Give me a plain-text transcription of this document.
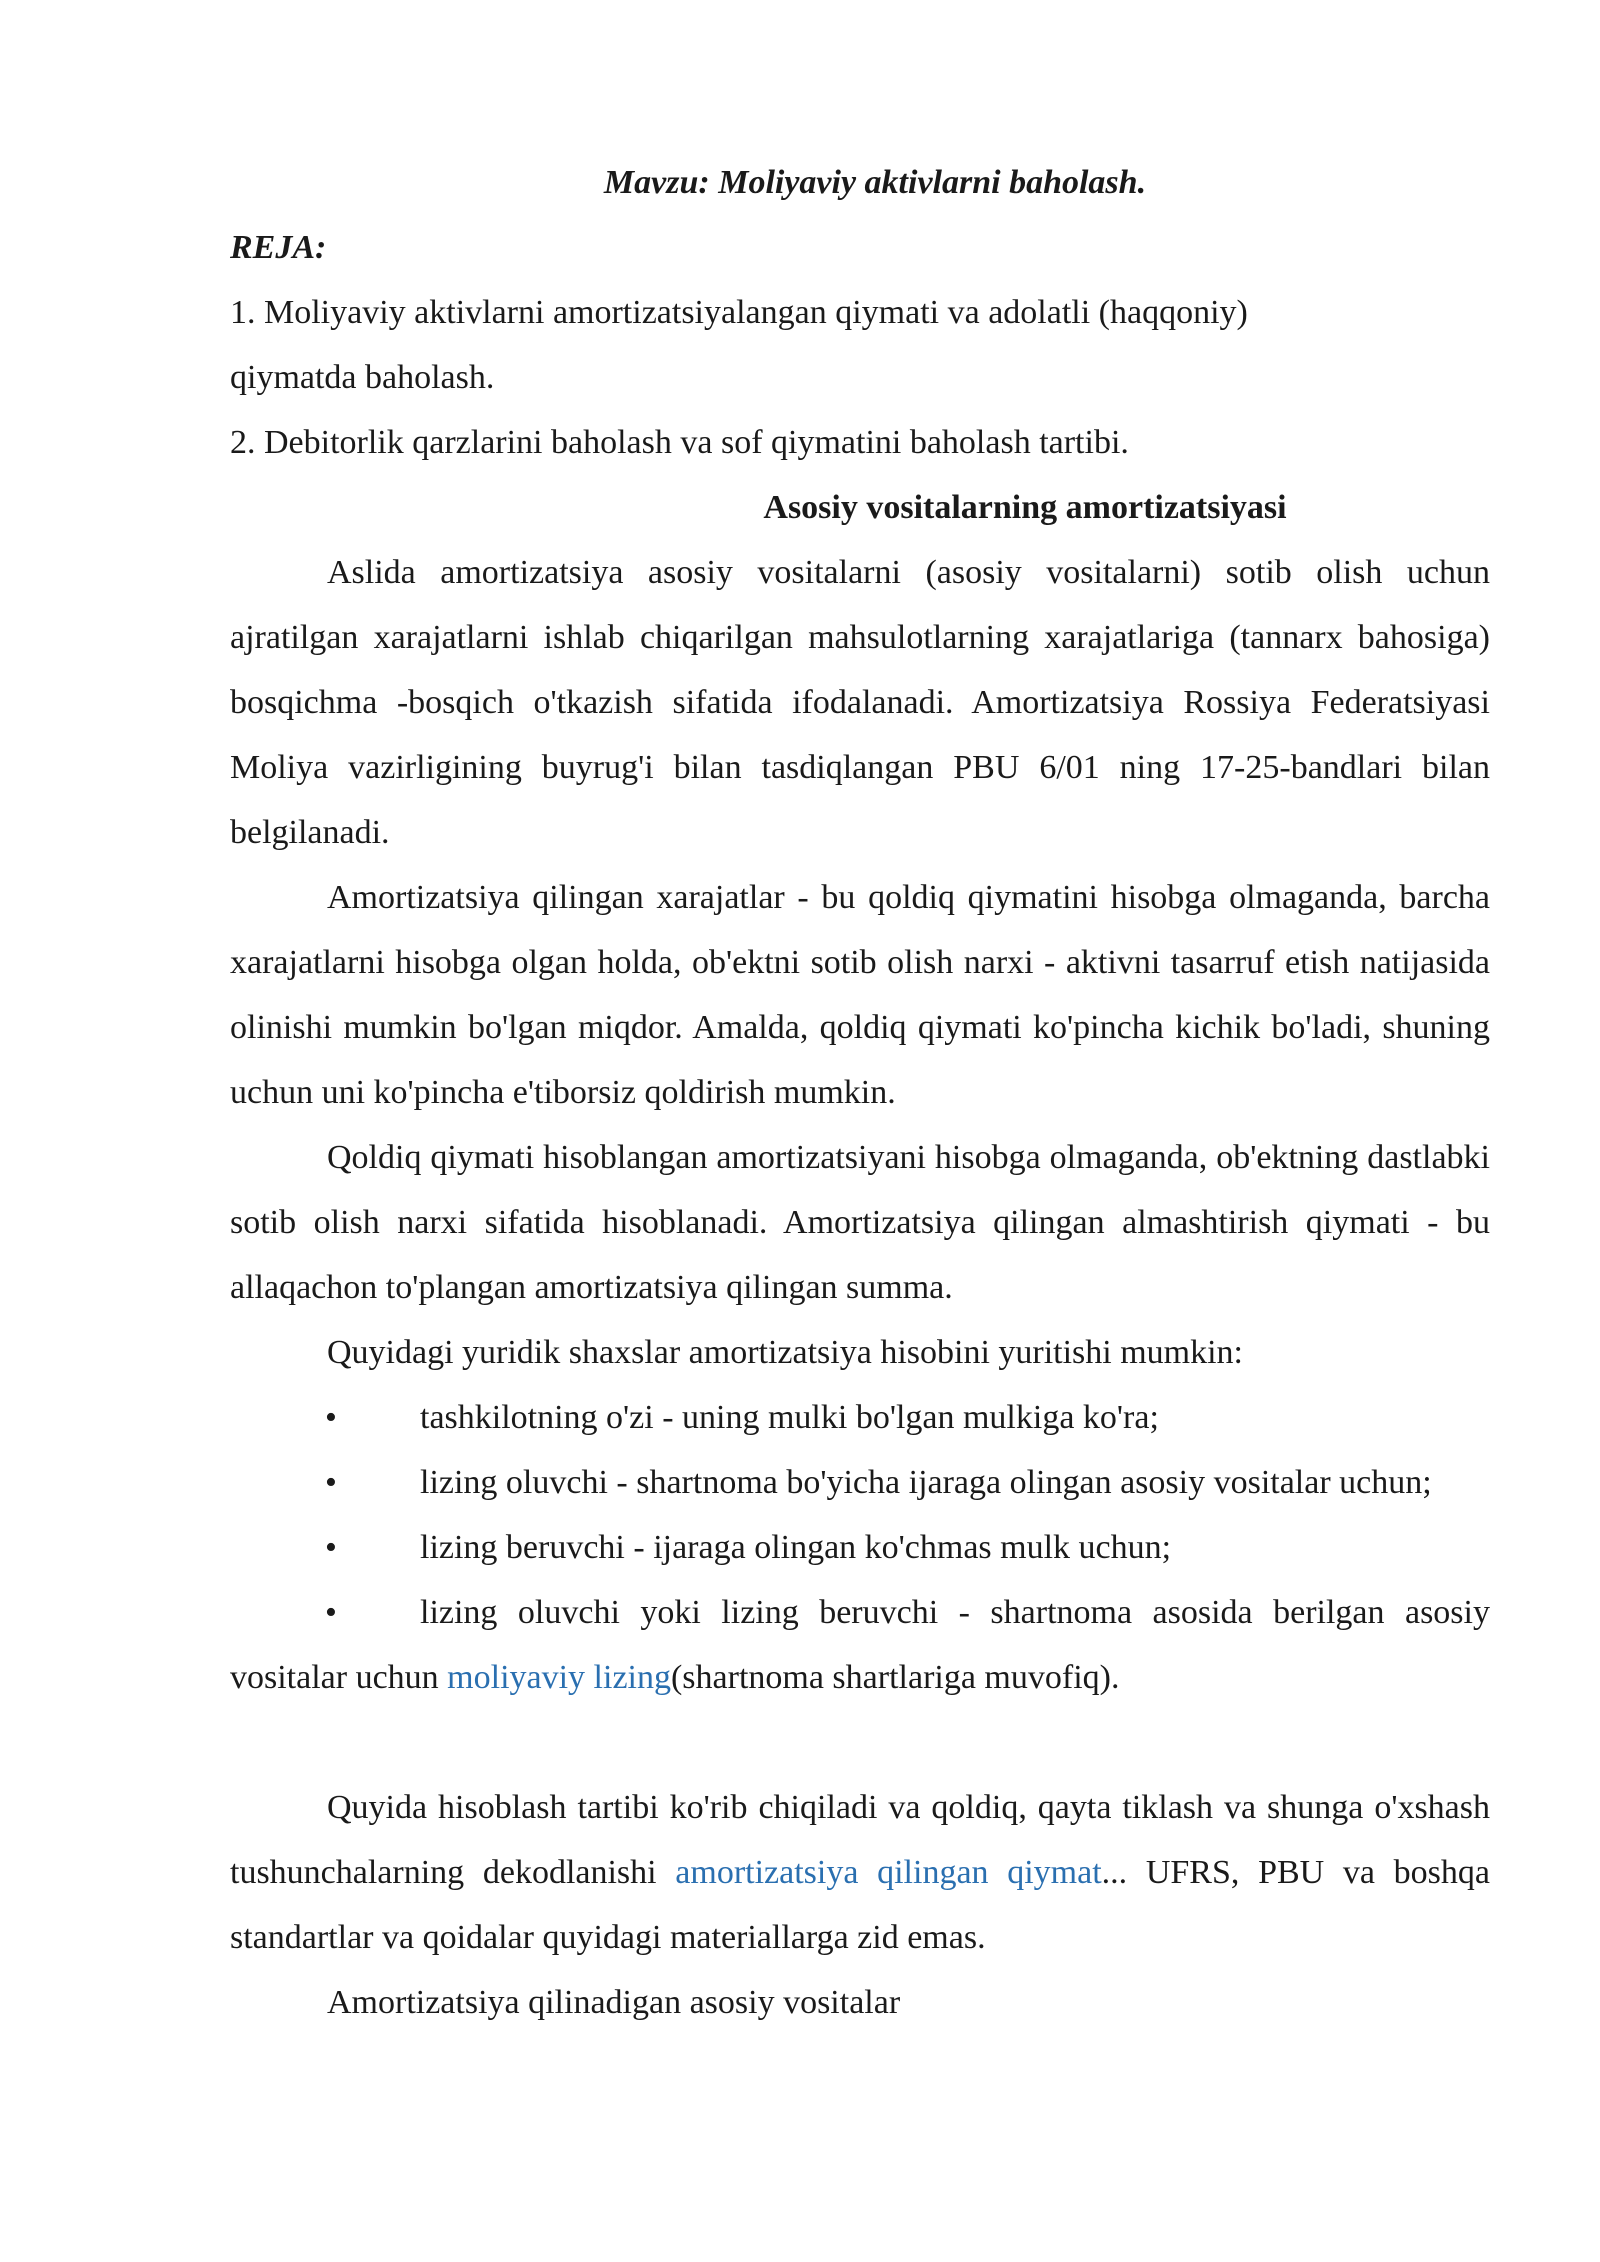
Mavzu: Moliyaviy aktivlarni baholash.

REJA:

1. Moliyaviy aktivlarni amortizatsiyalangan qiymati va adolatli (haqqoniy)

qiymatda baholash.

2. Debitorlik qarzlarini baholash va sof qiymatini baholash tartibi.

Asosiy vositalarning amortizatsiyasi

Aslida amortizatsiya asosiy vositalarni (asosiy vositalarni) sotib olish uchun ajratilgan xarajatlarni ishlab chiqarilgan mahsulotlarning xarajatlariga (tannarx bahosiga) bosqichma -bosqich o'tkazish sifatida ifodalanadi. Amortizatsiya Rossiya Federatsiyasi Moliya vazirligining buyrug'i bilan tasdiqlangan PBU 6/01 ning 17-25-bandlari bilan belgilanadi.

Amortizatsiya qilingan xarajatlar - bu qoldiq qiymatini hisobga olmaganda, barcha xarajatlarni hisobga olgan holda, ob'ektni sotib olish narxi - aktivni tasarruf etish natijasida olinishi mumkin bo'lgan miqdor. Amalda, qoldiq qiymati ko'pincha kichik bo'ladi, shuning uchun uni ko'pincha e'tiborsiz qoldirish mumkin.

Qoldiq qiymati hisoblangan amortizatsiyani hisobga olmaganda, ob'ektning dastlabki sotib olish narxi sifatida hisoblanadi. Amortizatsiya qilingan almashtirish qiymati - bu allaqachon to'plangan amortizatsiya qilingan summa.

Quyidagi yuridik shaxslar amortizatsiya hisobini yuritishi mumkin:

• tashkilotning o'zi - uning mulki bo'lgan mulkiga ko'ra;

• lizing oluvchi - shartnoma bo'yicha ijaraga olingan asosiy vositalar uchun;

• lizing beruvchi - ijaraga olingan ko'chmas mulk uchun;

• lizing oluvchi yoki lizing beruvchi - shartnoma asosida berilgan asosiy vositalar uchun moliyaviy lizing(shartnoma shartlariga muvofiq).

Quyida hisoblash tartibi ko'rib chiqiladi va qoldiq, qayta tiklash va shunga o'xshash tushunchalarning dekodlanishi amortizatsiya qilingan qiymat... UFRS, PBU va boshqa standartlar va qoidalar quyidagi materiallarga zid emas.

Amortizatsiya qilinadigan asosiy vositalar
